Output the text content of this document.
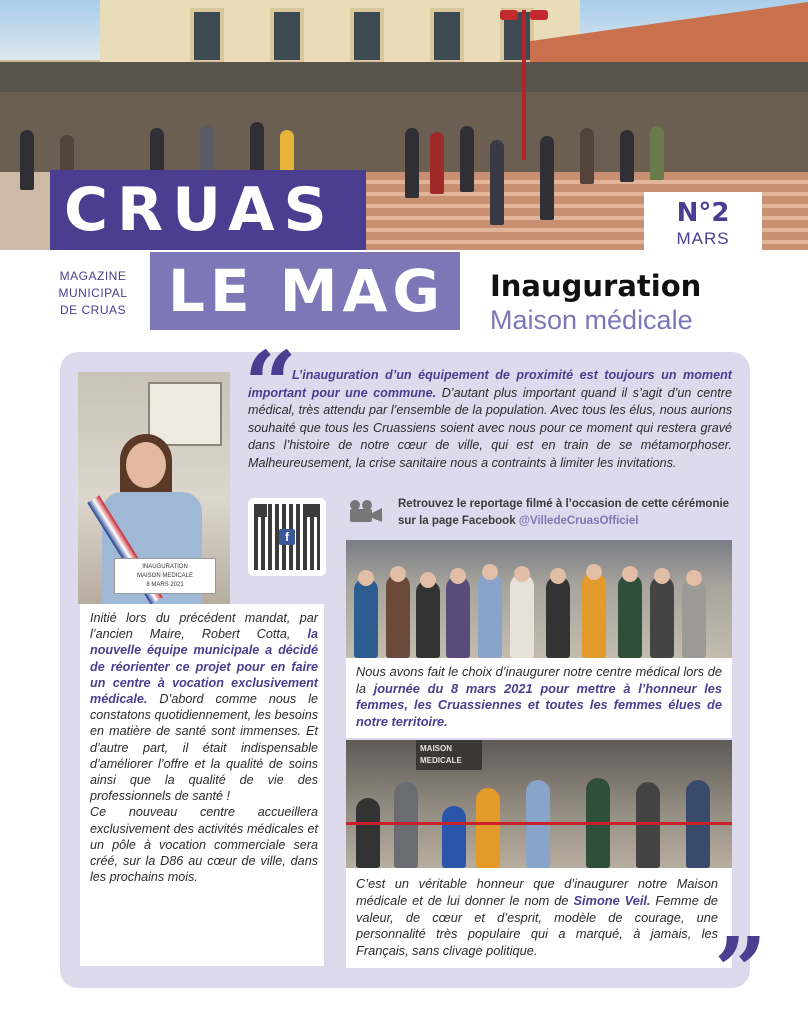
CRUAS
LE MAG
MAGAZINE
MUNICIPAL
DE CRUAS
N°2
MARS
Inauguration
Maison médicale
“
L’inauguration d’un équipement de proximité est toujours un moment important pour une commune. D’autant plus important quand il s’agit d’un centre médical, très attendu par l’ensemble de la population. Avec tous les élus, nous aurions souhaité que tous les Cruassiens soient avec nous pour ce moment qui restera gravé dans l’histoire de notre cœur de ville, qui est en train de se métamorphoser. Malheureusement, la crise sanitaire nous a contraints à limiter les invitations.
INAUGURATION
MAISON MEDICALE
8 MARS 2021
Initié lors du précédent mandat, par l’ancien Maire, Robert Cotta, la nouvelle équipe municipale a décidé de réorienter ce projet pour en faire un centre à vocation exclusivement médicale. D’abord comme nous le constatons quotidiennement, les besoins en matière de santé sont immenses. Et d’autre part, il était indispensable d’améliorer l’offre et la qualité de soins ainsi que la qualité de vie des professionnels de santé !
Ce nouveau centre accueillera exclusivement des activités médicales et un pôle à vocation commerciale sera créé, sur la D86 au cœur de ville, dans les prochains mois.
f
Retrouvez le reportage filmé à l’occasion de cette cérémonie sur la page Facebook @VilledeCruasOfficiel
Nous avons fait le choix d’inaugurer notre centre médical lors de la journée du 8 mars 2021 pour mettre à l’honneur les femmes, les Cruassiennes et toutes les femmes élues de notre territoire.
MAISON
MEDICALE
C’est un véritable honneur que d’inaugurer notre Maison médicale et de lui donner le nom de Simone Veil. Femme de valeur, de cœur et d’esprit, modèle de courage, une personnalité très populaire qui a marqué, à jamais, les Français, sans clivage politique.	”
